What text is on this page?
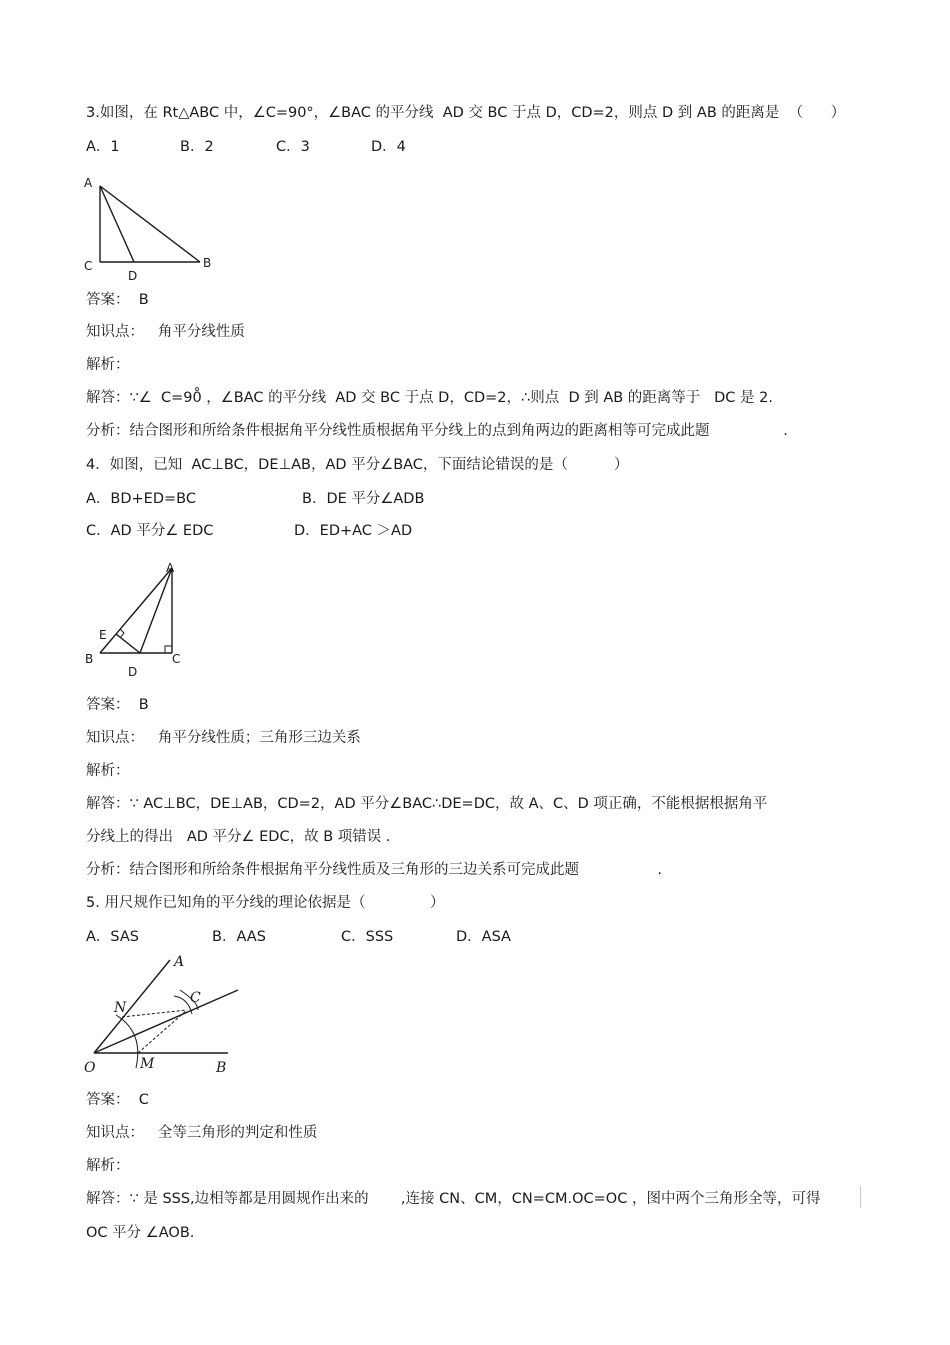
3.如图，在 Rt△ABC 中，∠C=90°，∠BAC 的平分线  AD 交 BC 于点 D，CD=2，则点 D 到 AB 的距离是  （      ）
A．1	B．2	C．3	D．4
A
C
D
B
答案：  B
知识点：   角平分线性质
解析：
解答：∵∠  C=90̊ ，∠BAC 的平分线  AD 交 BC 于点 D，CD=2，∴则点  D 到 AB 的距离等于   DC 是 2.
分析：结合图形和所给条件根据角平分线性质根据角平分线上的点到角两边的距离相等可完成此题                .
4．如图，已知  AC⊥BC，DE⊥AB，AD 平分∠BAC，下面结论错误的是（          ）
A．BD+ED=BC	B．DE 平分∠ADB
C．AD 平分∠ EDC	D．ED+AC ＞AD
A
E
B	C
D
答案：  B
知识点：   角平分线性质；三角形三边关系
解析：
解答：∵ AC⊥BC，DE⊥AB，CD=2，AD 平分∠BAC∴DE=DC，故 A、C、D 项正确，不能根据根据角平
分线上的得出   AD 平分∠ EDC，故 B 项错误 .
分析：结合图形和所给条件根据角平分线性质及三角形的三边关系可完成此题                 .
5. 用尺规作已知角的平分线的理论依据是（              ）
A．SAS	B．AAS	C．SSS	D．ASA
A
N
C
M
O	B
答案：  C
知识点：   全等三角形的判定和性质
解析：
解答：∵ 是 SSS,边相等都是用圆规作出来的       ,连接 CN、CM，CN=CM.OC=OC ，图中两个三角形全等，可得
OC 平分 ∠AOB.
